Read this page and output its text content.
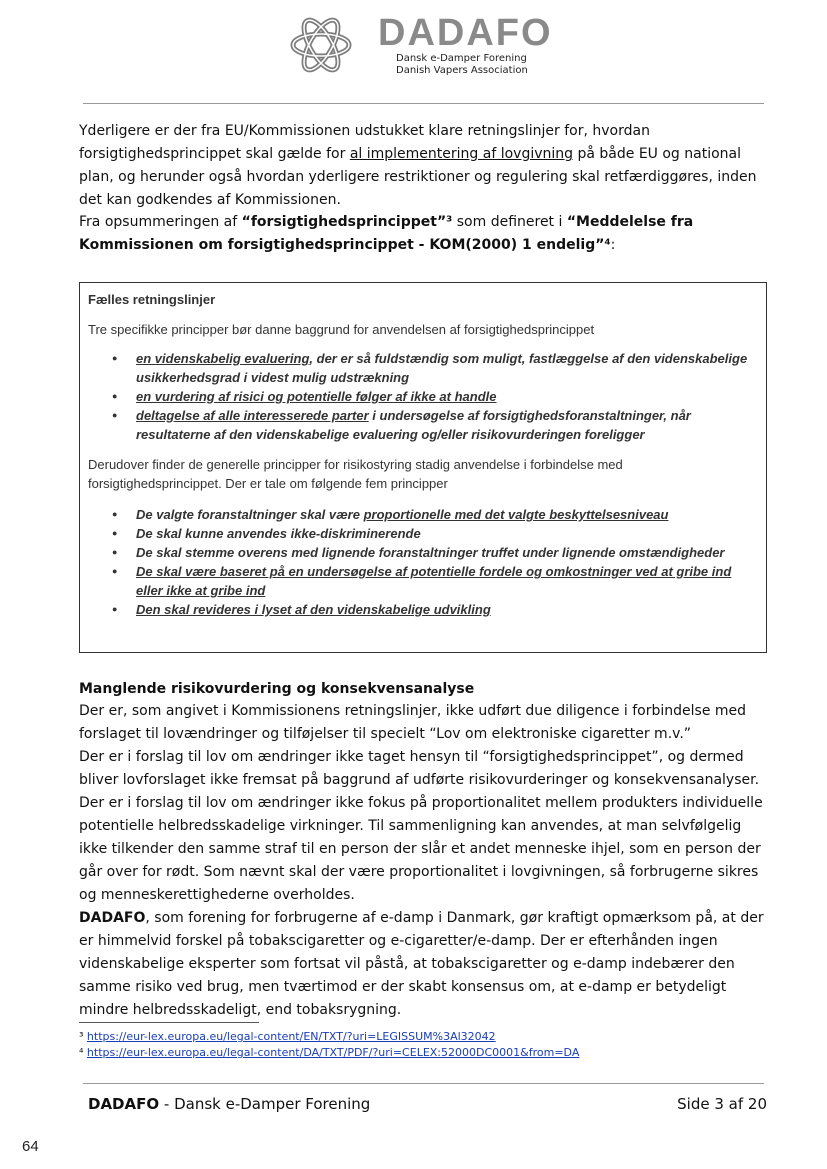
DADAFO
Dansk e-Damper Forening
Danish Vapers Association
Yderligere er der fra EU/Kommissionen udstukket klare retningslinjer for, hvordan forsigtighedsprincippet skal gælde for al implementering af lovgivning på både EU og national plan, og herunder også hvordan yderligere restriktioner og regulering skal retfærdiggøres, inden det kan godkendes af Kommissionen.
Fra opsummeringen af “forsigtighedsprincippet”³ som defineret i “Meddelelse fra Kommissionen om forsigtighedsprincippet - KOM(2000) 1 endelig”⁴:
Fælles retningslinjer
Tre specifikke principper bør danne baggrund for anvendelsen af forsigtighedsprincippet
● en videnskabelig evaluering, der er så fuldstændig som muligt, fastlæggelse af den videnskabelige usikkerhedsgrad i videst mulig udstrækning
● en vurdering af risici og potentielle følger af ikke at handle
● deltagelse af alle interesserede parter i undersøgelse af forsigtighedsforanstaltninger, når resultaterne af den videnskabelige evaluering og/eller risikovurderingen foreligger
Derudover finder de generelle principper for risikostyring stadig anvendelse i forbindelse med forsigtighedsprincippet. Der er tale om følgende fem principper
● De valgte foranstaltninger skal være proportionelle med det valgte beskyttelsesniveau
● De skal kunne anvendes ikke-diskriminerende
● De skal stemme overens med lignende foranstaltninger truffet under lignende omstændigheder
● De skal være baseret på en undersøgelse af potentielle fordele og omkostninger ved at gribe ind eller ikke at gribe ind
● Den skal revideres i lyset af den videnskabelige udvikling
Manglende risikovurdering og konsekvensanalyse
Der er, som angivet i Kommissionens retningslinjer, ikke udført due diligence i forbindelse med forslaget til lovændringer og tilføjelser til specielt “Lov om elektroniske cigaretter m.v.”
Der er i forslag til lov om ændringer ikke taget hensyn til “forsigtighedsprincippet”, og dermed bliver lovforslaget ikke fremsat på baggrund af udførte risikovurderinger og konsekvensanalyser.
Der er i forslag til lov om ændringer ikke fokus på proportionalitet mellem produkters individuelle potentielle helbredsskadelige virkninger. Til sammenligning kan anvendes, at man selvfølgelig ikke tilkender den samme straf til en person der slår et andet menneske ihjel, som en person der går over for rødt. Som nævnt skal der være proportionalitet i lovgivningen, så forbrugerne sikres og menneskerettighederne overholdes.
DADAFO, som forening for forbrugerne af e-damp i Danmark, gør kraftigt opmærksom på, at der er himmelvid forskel på tobakscigaretter og e-cigaretter/e-damp. Der er efterhånden ingen videnskabelige eksperter som fortsat vil påstå, at tobakscigaretter og e-damp indebærer den samme risiko ved brug, men tværtimod er der skabt konsensus om, at e-damp er betydeligt mindre helbredsskadeligt, end tobaksrygning.
³ https://eur-lex.europa.eu/legal-content/EN/TXT/?uri=LEGISSUM%3Al32042
⁴ https://eur-lex.europa.eu/legal-content/DA/TXT/PDF/?uri=CELEX:52000DC0001&from=DA
DADAFO - Dansk e-Damper Forening	Side 3 af 20
64
